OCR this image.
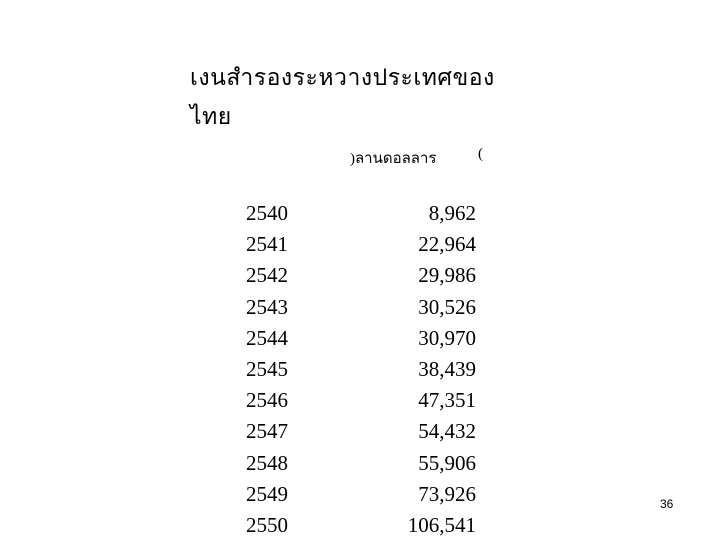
เงนสำรองระหวางประเทศของ
ไทย
)ลานดอลลาร	(
2540	8,962
2541	22,964
2542	29,986
2543	30,526
2544	30,970
2545	38,439
2546	47,351
2547	54,432
2548	55,906
2549	73,926
2550	106,541
36
